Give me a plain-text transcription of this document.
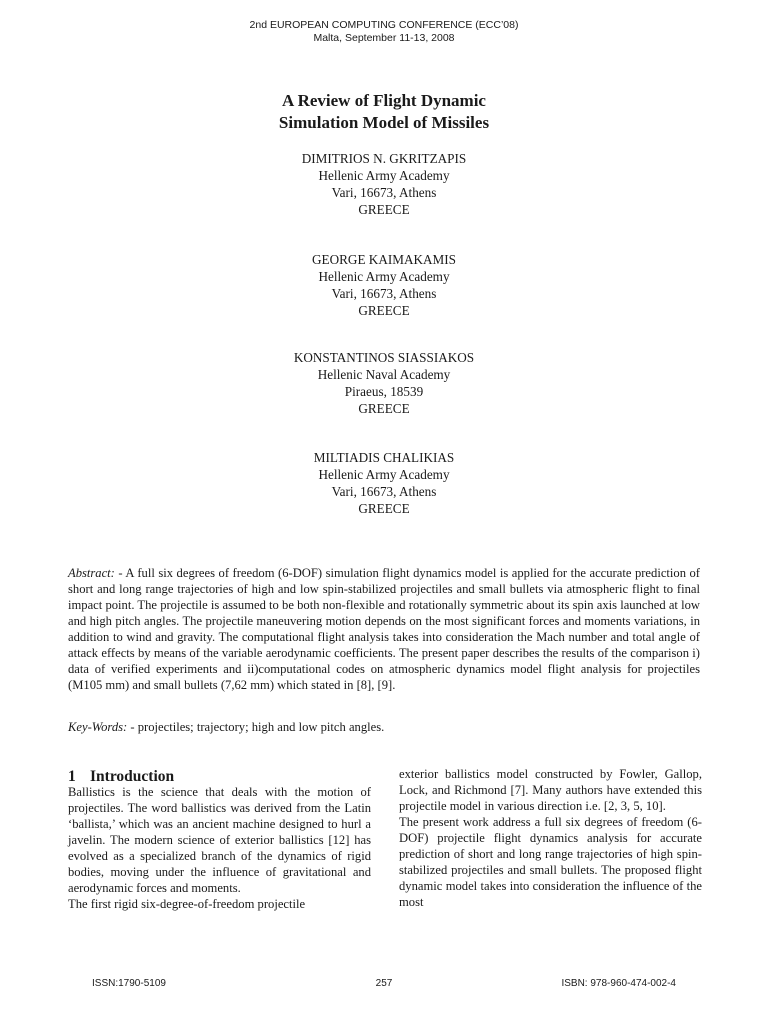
2nd EUROPEAN COMPUTING CONFERENCE (ECC’08)
Malta, September 11-13, 2008
A Review of Flight Dynamic
Simulation Model of Missiles
DIMITRIOS N. GKRITZAPIS
Hellenic Army Academy
Vari, 16673, Athens
GREECE
GEORGE KAIMAKAMIS
Hellenic Army Academy
Vari, 16673, Athens
GREECE
KONSTANTINOS SIASSIAKOS
Hellenic Naval Academy
Piraeus, 18539
GREECE
MILTIADIS CHALIKIAS
Hellenic Army Academy
Vari, 16673, Athens
GREECE
Abstract: - A full six degrees of freedom (6-DOF) simulation flight dynamics model is applied for the accurate prediction of short and long range trajectories of high and low spin-stabilized projectiles and small bullets via atmospheric flight to final impact point. The projectile is assumed to be both non-flexible and rotationally symmetric about its spin axis launched at low and high pitch angles. The projectile maneuvering motion depends on the most significant forces and moments variations, in addition to wind and gravity. The computational flight analysis takes into consideration the Mach number and total angle of attack effects by means of the variable aerodynamic coefficients. The present paper describes the results of the comparison i) data of verified experiments and ii)computational codes on atmospheric dynamics model flight analysis for projectiles (M105 mm) and small bullets (7,62 mm) which stated in [8], [9].
Key-Words: - projectiles; trajectory; high and low pitch angles.
1 Introduction

Ballistics is the science that deals with the motion of projectiles. The word ballistics was derived from the Latin ‘ballista,’ which was an ancient machine designed to hurl a javelin. The modern science of exterior ballistics [12] has evolved as a specialized branch of the dynamics of rigid bodies, moving under the influence of gravitational and aerodynamic forces and moments.

The first rigid six-degree-of-freedom projectile

exterior ballistics model constructed by Fowler, Gallop, Lock, and Richmond [7]. Many authors have extended this projectile model in various direction i.e. [2, 3, 5, 10].

The present work address a full six degrees of freedom (6-DOF) projectile flight dynamics analysis for accurate prediction of short and long range trajectories of high spin-stabilized projectiles and small bullets. The proposed flight dynamic model takes into consideration the influence of the most

ISSN:1790-5109	257	ISBN: 978-960-474-002-4
